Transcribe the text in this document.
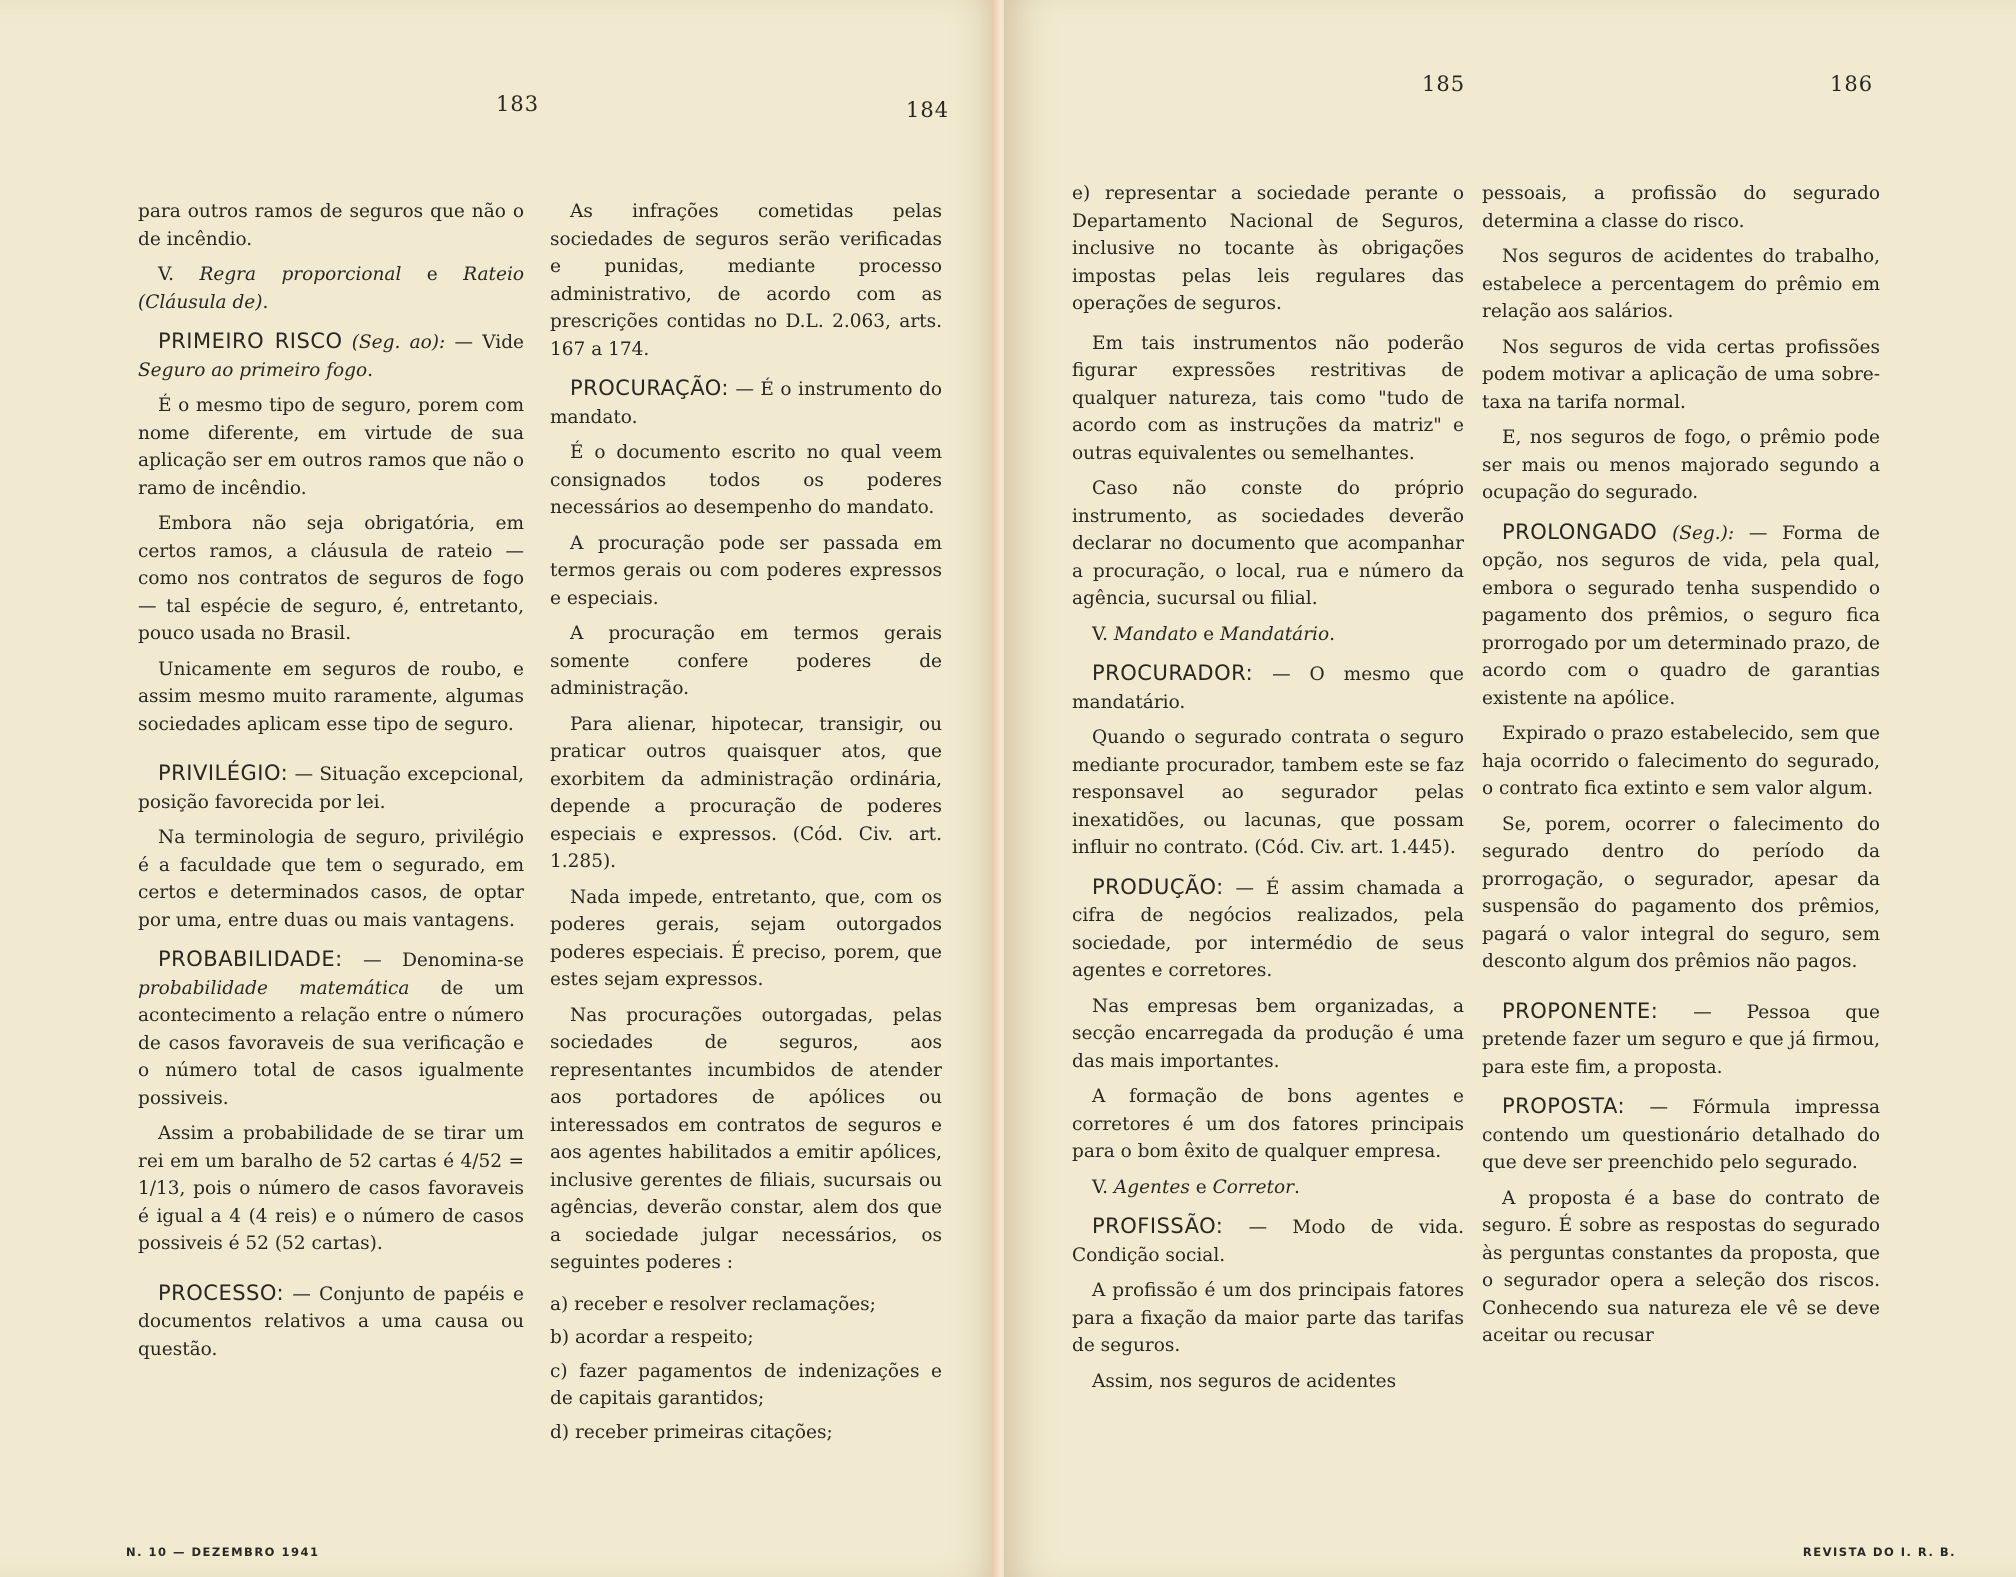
183	184

para outros ramos de seguros que não o de incêndio.

V. Regra proporcional e Rateio (Cláusula de).

PRIMEIRO RISCO (Seg. ao): — Vide Seguro ao primeiro fogo.

É o mesmo tipo de seguro, porem com nome diferente, em virtude de sua aplicação ser em outros ramos que não o ramo de incêndio.

Embora não seja obrigatória, em certos ramos, a cláusula de rateio — como nos contratos de seguros de fogo — tal espécie de seguro, é, entretanto, pouco usada no Brasil.

Unicamente em seguros de roubo, e assim mesmo muito raramente, algumas sociedades aplicam esse tipo de seguro.

PRIVILÉGIO: — Situação excepcional, posição favorecida por lei.

Na terminologia de seguro, privilégio é a faculdade que tem o segurado, em certos e determinados casos, de optar por uma, entre duas ou mais vantagens.

PROBABILIDADE: — Denomina-se probabilidade matemática de um acontecimento a relação entre o número de casos favoraveis de sua verificação e o número total de casos igualmente possiveis.

Assim a probabilidade de se tirar um rei em um baralho de 52 cartas é 4/52 = 1/13, pois o número de casos favoraveis é igual a 4 (4 reis) e o número de casos possiveis é 52 (52 cartas).

PROCESSO: — Conjunto de papéis e documentos relativos a uma causa ou questão.

As infrações cometidas pelas sociedades de seguros serão verificadas e punidas, mediante processo administrativo, de acordo com as prescrições contidas no D.L. 2.063, arts. 167 a 174.

PROCURAÇÃO: — É o instrumento do mandato.

É o documento escrito no qual veem consignados todos os poderes necessários ao desempenho do mandato.

A procuração pode ser passada em termos gerais ou com poderes expressos e especiais.

A procuração em termos gerais somente confere poderes de administração.

Para alienar, hipotecar, transigir, ou praticar outros quaisquer atos, que exorbitem da administração ordinária, depende a procuração de poderes especiais e expressos. (Cód. Civ. art. 1.285).

Nada impede, entretanto, que, com os poderes gerais, sejam outorgados poderes especiais. É preciso, porem, que estes sejam expressos.

Nas procurações outorgadas, pelas sociedades de seguros, aos representantes incumbidos de atender aos portadores de apólices ou interessados em contratos de seguros e aos agentes habilitados a emitir apólices, inclusive gerentes de filiais, sucursais ou agências, deverão constar, alem dos que a sociedade julgar necessários, os seguintes poderes :

a) receber e resolver reclamações;

b) acordar a respeito;

c) fazer pagamentos de indenizações e de capitais garantidos;

d) receber primeiras citações;

N. 10 — DEZEMBRO 1941
185	186

e) representar a sociedade perante o Departamento Nacional de Seguros, inclusive no tocante às obrigações impostas pelas leis regulares das operações de seguros.

Em tais instrumentos não poderão figurar expressões restritivas de qualquer natureza, tais como "tudo de acordo com as instruções da matriz" e outras equivalentes ou semelhantes.

Caso não conste do próprio instrumento, as sociedades deverão declarar no documento que acompanhar a procuração, o local, rua e número da agência, sucursal ou filial.

V. Mandato e Mandatário.

PROCURADOR: — O mesmo que mandatário.

Quando o segurado contrata o seguro mediante procurador, tambem este se faz responsavel ao segurador pelas inexatidões, ou lacunas, que possam influir no contrato. (Cód. Civ. art. 1.445).

PRODUÇÃO: — É assim chamada a cifra de negócios realizados, pela sociedade, por intermédio de seus agentes e corretores.

Nas empresas bem organizadas, a secção encarregada da produção é uma das mais importantes.

A formação de bons agentes e corretores é um dos fatores principais para o bom êxito de qualquer empresa.

V. Agentes e Corretor.

PROFISSÃO: — Modo de vida. Condição social.

A profissão é um dos principais fatores para a fixação da maior parte das tarifas de seguros.

Assim, nos seguros de acidentes

pessoais, a profissão do segurado determina a classe do risco.

Nos seguros de acidentes do trabalho, estabelece a percentagem do prêmio em relação aos salários.

Nos seguros de vida certas profissões podem motivar a aplicação de uma sobre-taxa na tarifa normal.

E, nos seguros de fogo, o prêmio pode ser mais ou menos majorado segundo a ocupação do segurado.

PROLONGADO (Seg.): — Forma de opção, nos seguros de vida, pela qual, embora o segurado tenha suspendido o pagamento dos prêmios, o seguro fica prorrogado por um determinado prazo, de acordo com o quadro de garantias existente na apólice.

Expirado o prazo estabelecido, sem que haja ocorrido o falecimento do segurado, o contrato fica extinto e sem valor algum.

Se, porem, ocorrer o falecimento do segurado dentro do período da prorrogação, o segurador, apesar da suspensão do pagamento dos prêmios, pagará o valor integral do seguro, sem desconto algum dos prêmios não pagos.

PROPONENTE: — Pessoa que pretende fazer um seguro e que já firmou, para este fim, a proposta.

PROPOSTA: — Fórmula impressa contendo um questionário detalhado do que deve ser preenchido pelo segurado.

A proposta é a base do contrato de seguro. É sobre as respostas do segurado às perguntas constantes da proposta, que o segurador opera a seleção dos riscos. Conhecendo sua natureza ele vê se deve aceitar ou recusar

REVISTA DO I. R. B.
